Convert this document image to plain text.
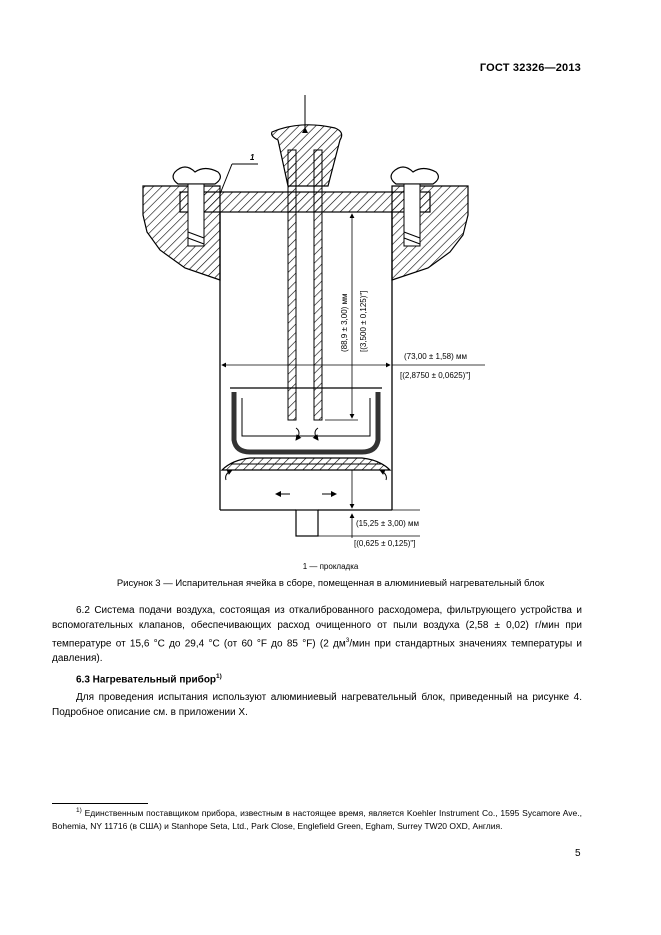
ГОСТ 32326—2013
1
(88,9 ± 3,00) мм [(3,500 ± 0,125)"]
(73,00 ± 1,58) мм
[(2,8750 ± 0,0625)"]
(15,25 ± 3,00) мм
[(0,625 ± 0,125)"]
1 — прокладка
Рисунок 3 — Испарительная ячейка в сборе, помещенная в алюминиевый нагревательный блок
6.2 Система подачи воздуха, состоящая из откалиброванного расходомера, фильтрующего устройства и вспомогательных клапанов, обеспечивающих расход очищенного от пыли воздуха (2,58 ± 0,02) г/мин при температуре от 15,6 °С до 29,4 °С (от 60 °F до 85 °F) (2 $дм^3$/мин при стандартных значениях температуры и давления).
6.3 Нагревательный прибор$^{1)}$
Для проведения испытания используют алюминиевый нагревательный блок, приведенный на рисунке 4. Подробное описание см. в приложении X.
$^{1)}$ Единственным поставщиком прибора, известным в настоящее время, является Koehler Instrument Co., 1595 Sycamore Ave., Bohemia, NY 11716 (в США) и Stanhope Seta, Ltd., Park Close, Englefield Green, Egham, Surrey TW20 OXD, Англия.
5
